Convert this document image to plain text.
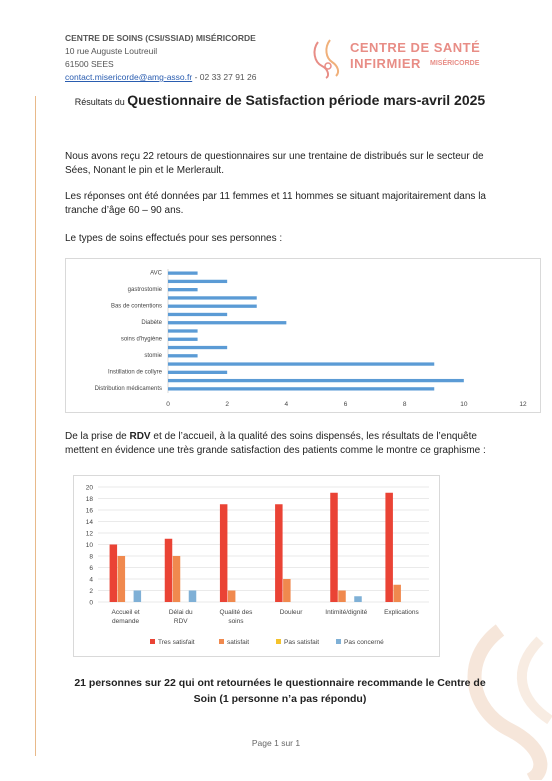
CENTRE DE SOINS (CSI/SSIAD) MISÉRICORDE
10 rue Auguste Loutreuil
61500 SEES
contact.misericorde@amg-asso.fr - 02 33 27 91 26
CENTRE DE SANTÉ
INFIRMIER MISÉRICORDE
Résultats du Questionnaire de Satisfaction période mars-avril 2025
Nous avons reçu 22 retours de questionnaires sur une trentaine de distribués sur le secteur de Sées, Nonant le pin et le Merlerault.
Les réponses ont été données par 11 femmes et 11 hommes se situant majoritairement dans la tranche d’âge 60 – 90 ans.
Le types de soins effectués pour ses personnes :
Distribution médicaments
Instillation de collyre
stomie
soins d'hygiène
Diabète
Bas de contentions
gastrostomie
AVC
0	2	4	6	8	10	12
De la prise de RDV et de l’accueil, à la qualité des soins dispensés, les résultats de l’enquête mettent en évidence une très grande satisfaction des patients comme le montre ce graphisme :
0
2
4
6
8
10
12
14
16
18
20
Accueil et demande
Délai du RDV
Qualité des soins
Douleur	Intimité/dignité	Explications
Tres satisfait	satisfait	Pas satisfait	Pas concerné
21 personnes sur 22 qui ont retournées le questionnaire recommande le Centre de Soin (1 personne n’a pas répondu)
Page 1 sur 1
